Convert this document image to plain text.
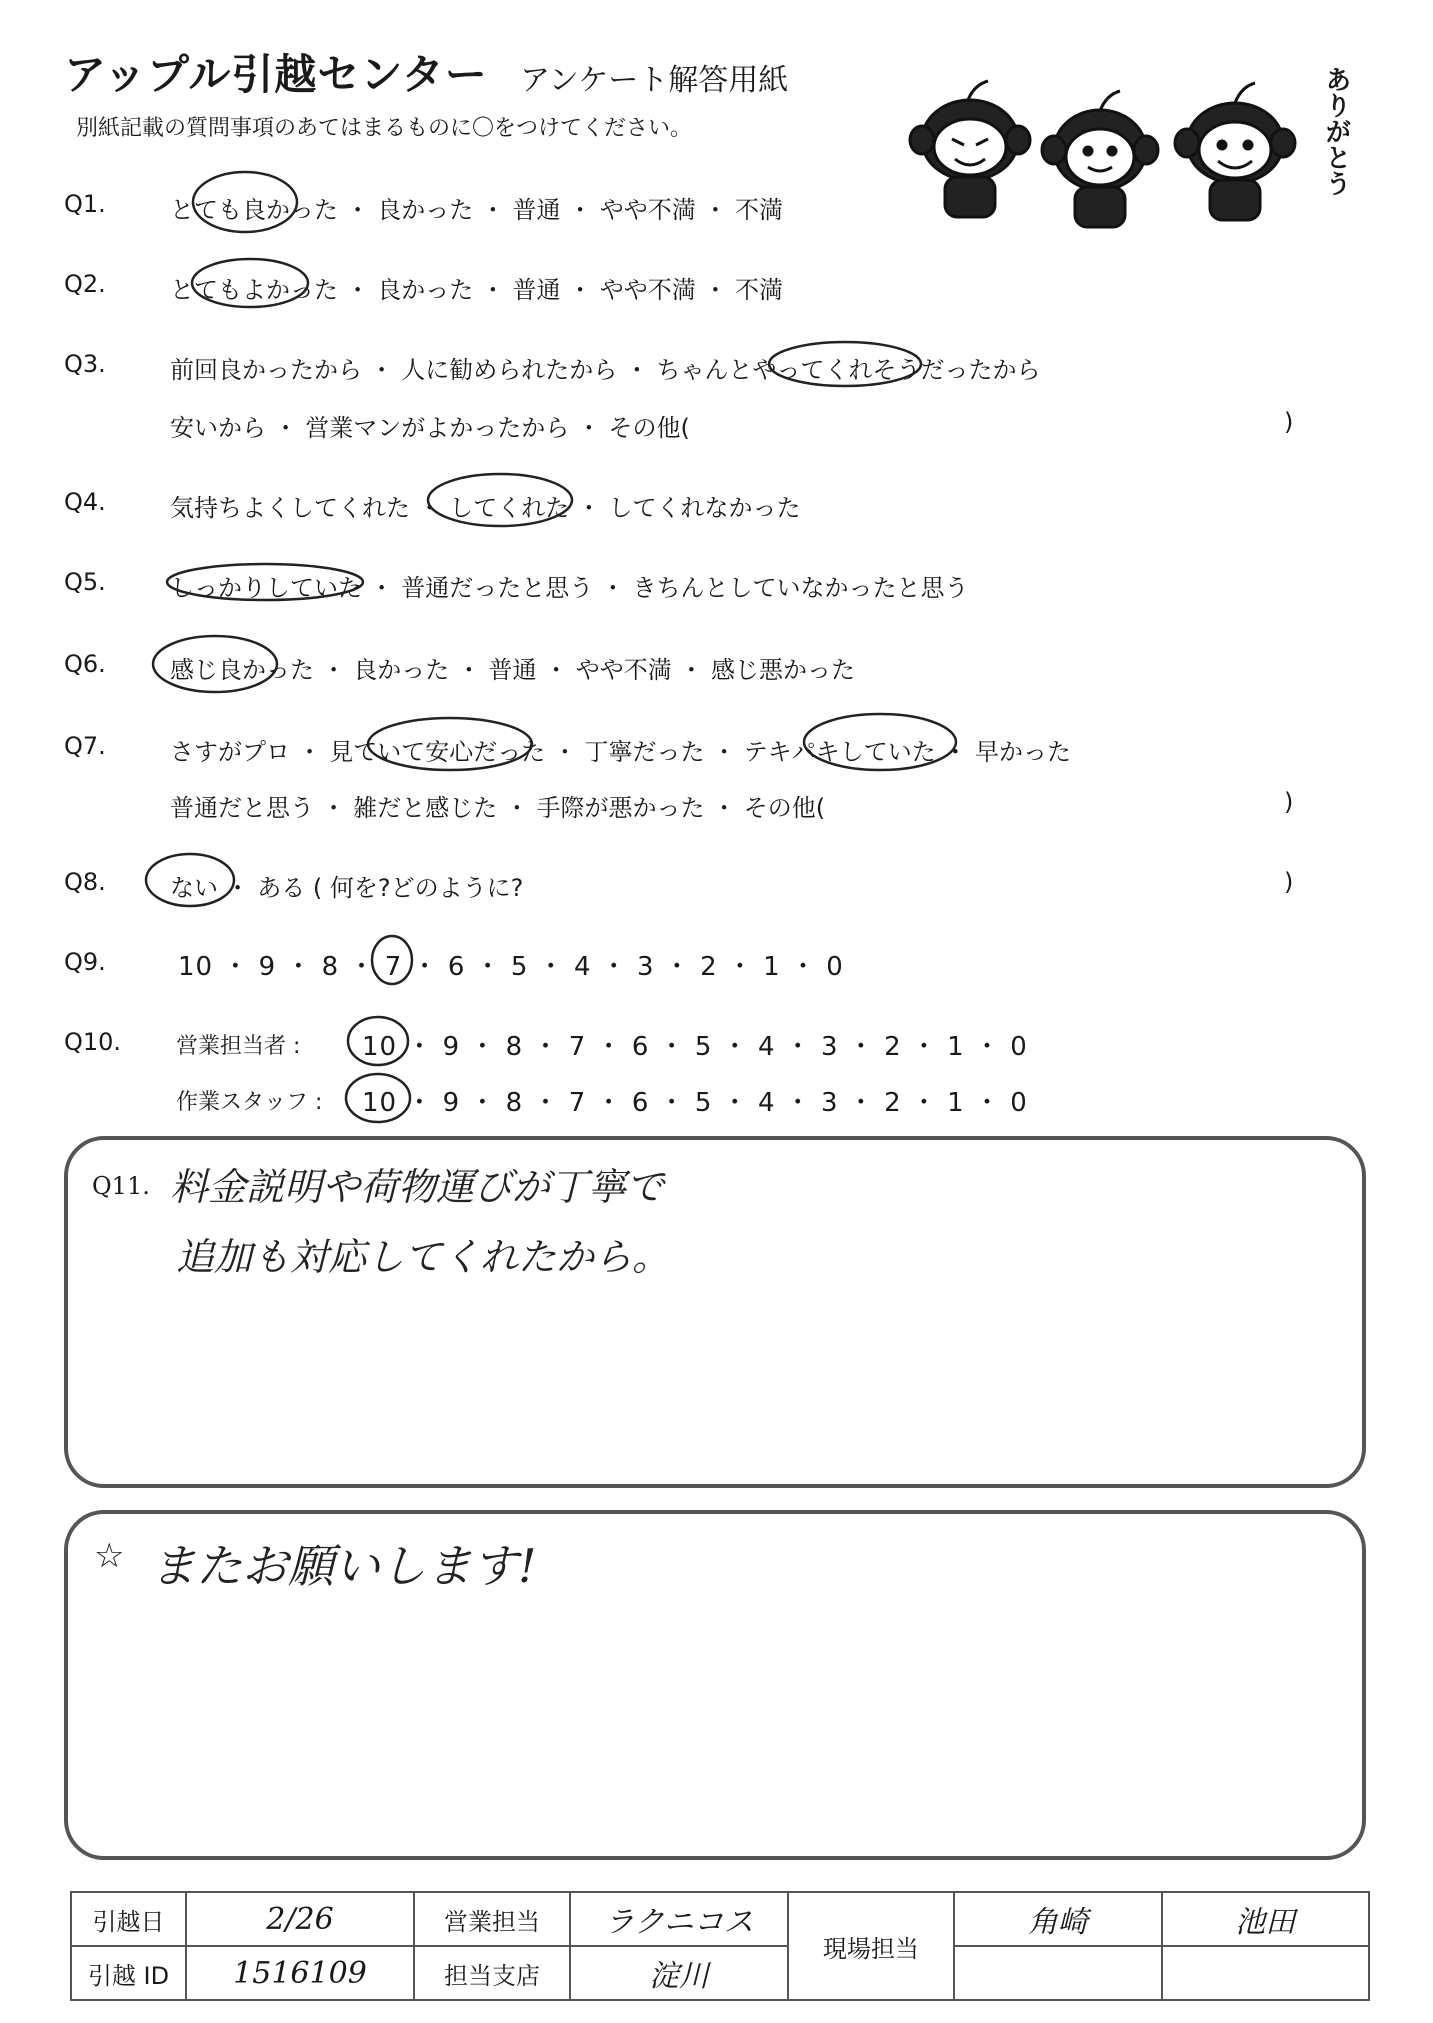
アップル引越センター アンケート解答用紙
別紙記載の質問事項のあてはまるものに〇をつけてください。	ありがとう
Q1.	とても良かった ・ 良かった ・ 普通 ・ やや不満 ・ 不満
Q2.	とてもよかった ・ 良かった ・ 普通 ・ やや不満 ・ 不満
Q3.	前回良かったから ・ 人に勧められたから ・ ちゃんとやってくれそうだったから
安いから ・ 営業マンがよかったから ・ その他(	)
Q4.	気持ちよくしてくれた ・ してくれた ・ してくれなかった
Q5.	しっかりしていた ・ 普通だったと思う ・ きちんとしていなかったと思う
Q6.	感じ良かった ・ 良かった ・ 普通 ・ やや不満 ・ 感じ悪かった
Q7.	さすがプロ ・ 見ていて安心だった ・ 丁寧だった ・ テキパキしていた ・ 早かった
普通だと思う ・ 雑だと感じた ・ 手際が悪かった ・ その他(	)
Q8.	ない ・ ある ( 何を?どのように?	)
Q9.	10 ・ 9 ・ 8 ・ 7 ・ 6 ・ 5 ・ 4 ・ 3 ・ 2 ・ 1 ・ 0
Q10. 営業担当者 : 10 ・ 9 ・ 8 ・ 7 ・ 6 ・ 5 ・ 4 ・ 3 ・ 2 ・ 1 ・ 0
作業スタッフ : 10 ・ 9 ・ 8 ・ 7 ・ 6 ・ 5 ・ 4 ・ 3 ・ 2 ・ 1 ・ 0
Q11. 料金説明や荷物運びが丁寧で
追加も対応してくれたから。
☆ またお願いします!
引越日	2/26	営業担当	ラクニコス	現場担当	角崎	池田
引越 ID	1516109	担当支店	淀川			
